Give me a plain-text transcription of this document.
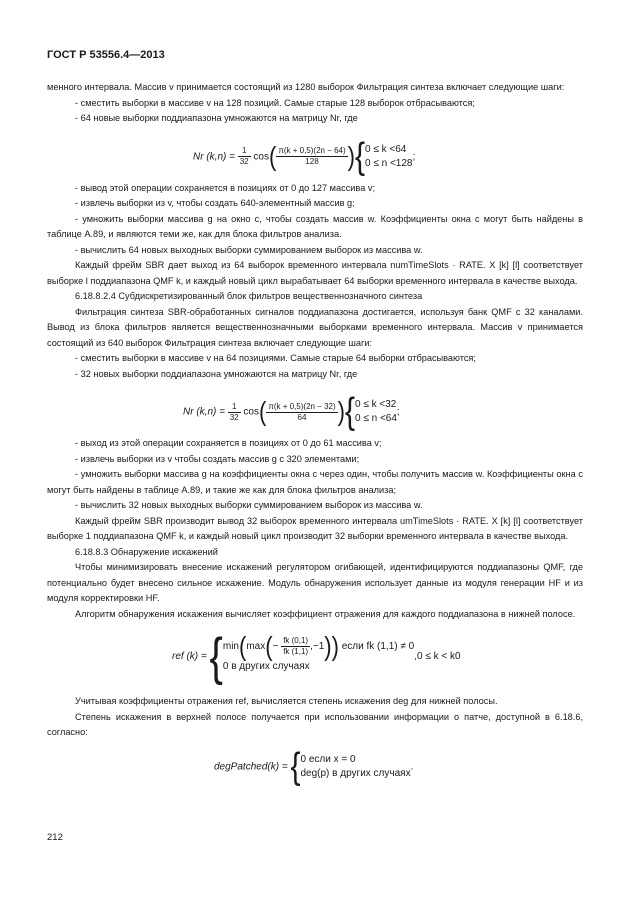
ГОСТ Р 53556.4—2013

менного интервала. Массив v принимается состоящий из 1280 выборок Фильтрация синтеза включает следующие шаги:

- сместить выборки в массиве v на 128 позиций. Самые старые 128 выборок отбрасываются;

- 64 новые выборки поддиапазона умножаются на матрицу Nr, где

Nr $(k,n) = \frac{1}{32} \cos( \frac{\pi(k + 0,5)(2n - 64)}{128}$ ){ 0 ≤ k <64
0 ≤ n <128
;

- вывод этой операции сохраняется в позициях от 0 до 127 массива v;

- извлечь выборки из v, чтобы создать 640-элементный массив g;

- умножить выборки массива g на окно c, чтобы создать массив w. Коэффициенты окна c могут быть найдены в таблице А.89, и являются теми же, как для блока фильтров анализа.

- вычислить 64 новых выходных выборки суммированием выборок из массива w.

Каждый фрейм SBR дает выход из 64 выборок временного интервала numTimeSlots · RATE. X [k] [l] соответствует выборке l поддиапазона QMF k, и каждый новый цикл вырабатывает 64 выборки временного интервала в качестве выхода.

6.18.8.2.4 Субдискретизированный блок фильтров вещественнозначного синтеза

Фильтрация синтеза SBR-обработанных сигналов поддиапазона достигается, используя банк QMF с 32 каналами. Вывод из блока фильтров является вещественнозначными выборками временного интервала. Массив v принимается состоящий из 640 выборок Фильтрация синтеза включает следующие шаги:

- сместить выборки в массиве v на 64 позициями. Самые старые 64 выборки отбрасываются;

- 32 новых выборки поддиапазона умножаются на матрицу Nr, где

Nr $(k,n) = \frac{1}{32} \cos( \frac{\pi(k + 0,5)(2n - 32)}{64}$ ){ 0 ≤ k <32
0 ≤ n <64
;

- выход из этой операции сохраняется в позициях от 0 до 61 массива v;

- извлечь выборки из v чтобы создать массив g с 320 элементами;

- умножить выборки массива g на коэффициенты окна c через один, чтобы получить массив w. Коэффициенты окна c могут быть найдены в таблице А.89, и такие же как для блока фильтров анализа;

- вычислить 32 новых выходных выборки суммированием выборок из массива w.

Каждый фрейм SBR производит вывод 32 выборок временного интервала umTimeSlots · RATE. X [k] [l] соответствует выборке 1 поддиапазона QMF k, и каждый новый цикл производит 32 выборки временного интервала в качестве выхода.

6.18.8.3 Обнаружение искажений

Чтобы минимизировать внесение искажений регулятором огибающей, идентифицируются поддиапазоны QMF, где потенциально будет внесено сильное искажение. Модуль обнаружения использует данные из модуля генерации HF и из модуля корректировки HF.

Алгоритм обнаружения искажения вычисляет коэффициент отражения для каждого поддиапазона в нижней полосе.

ref (k) = { $\min(\max(- \frac{fk (0,1)}{fk (1,1)} ,-1))$ если fk (1,1) ≠ 0
0 в других случаях
,0 ≤ k < k0

Учитывая коэффициенты отражения ref, вычисляется степень искажения deg для нижней полосы.

Степень искажения в верхней полосе получается при использовании информации о патче, доступной в 6.18.6, согласно:

degPatched(k) = { 0 если x = 0
deg(p) в других случаях
.
212
